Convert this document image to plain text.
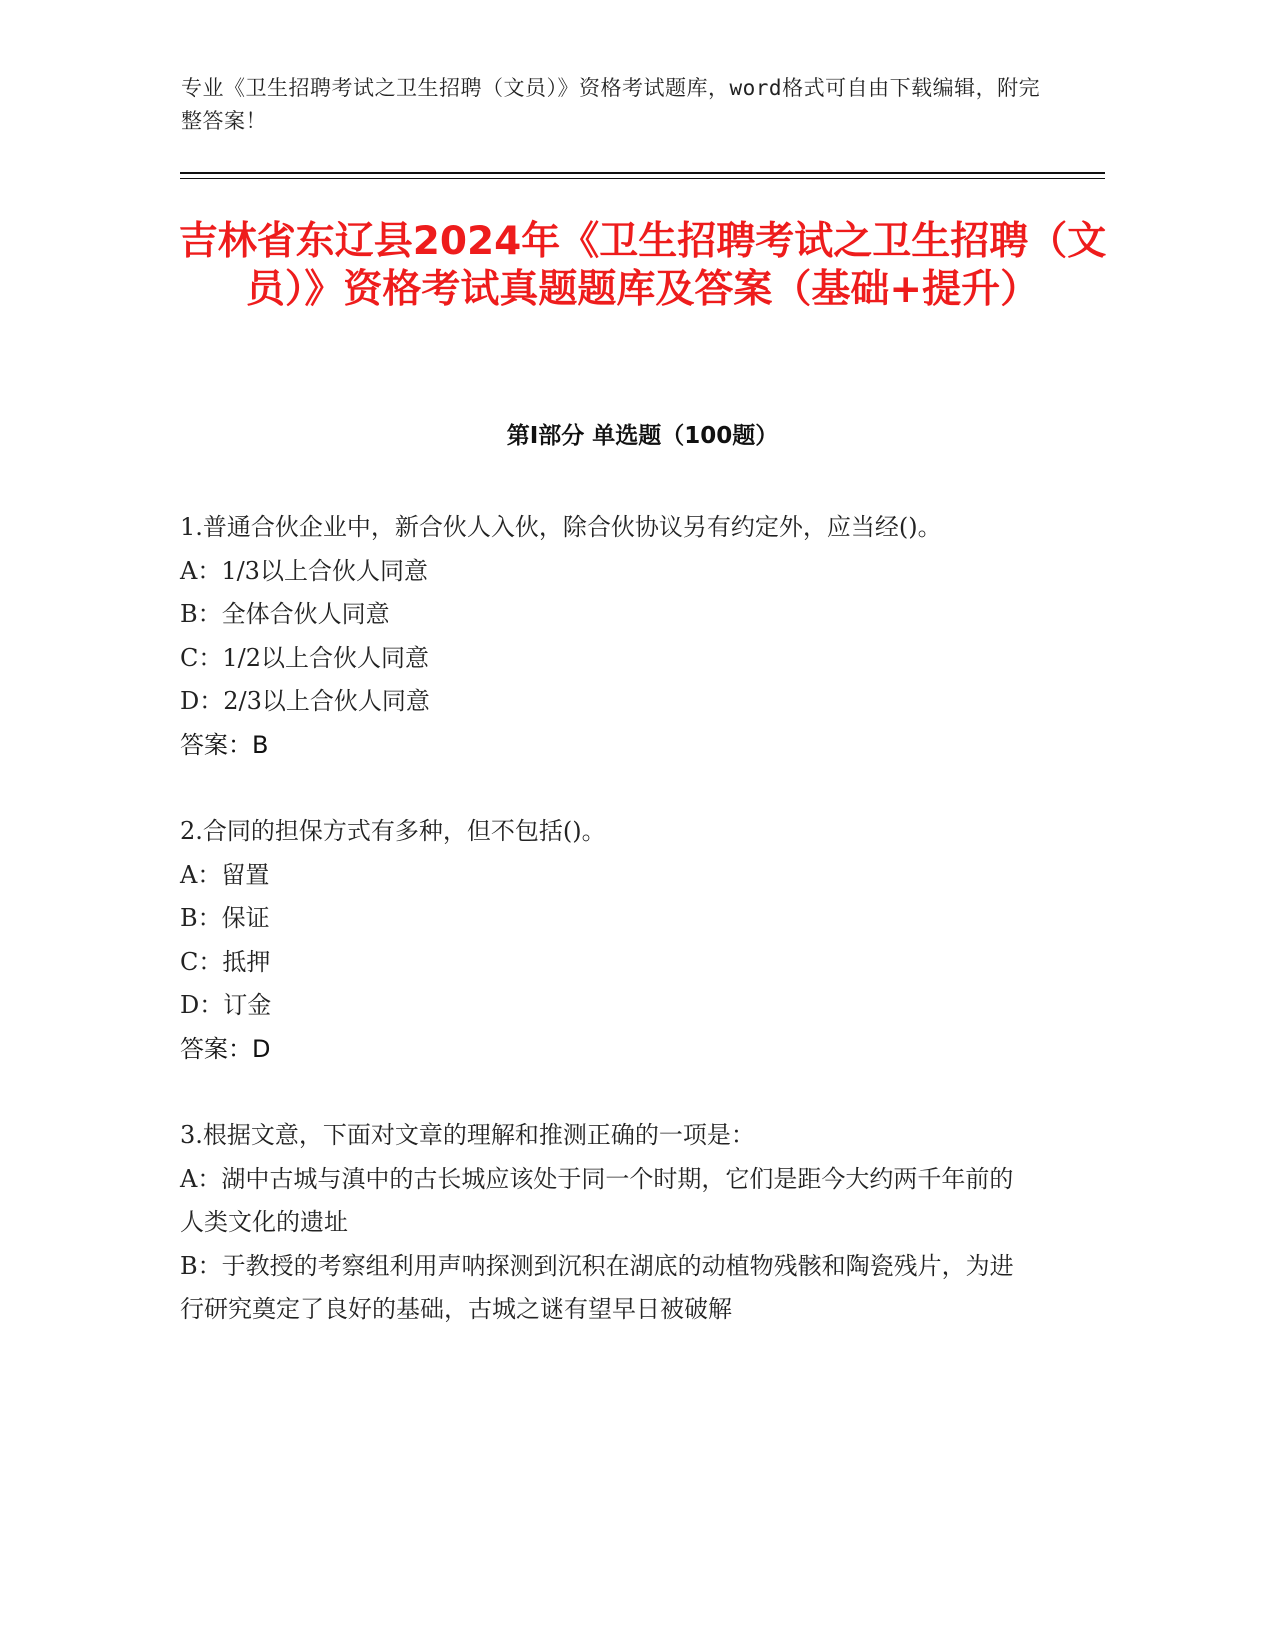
专业《卫生招聘考试之卫生招聘（文员）》资格考试题库，word格式可自由下载编辑，附完整答案！
吉林省东辽县2024年《卫生招聘考试之卫生招聘（文员）》资格考试真题题库及答案（基础+提升）
第Ⅰ部分 单选题（100题）

1.普通合伙企业中，新合伙人入伙，除合伙协议另有约定外，应当经()。

A：1/3以上合伙人同意

B：全体合伙人同意

C：1/2以上合伙人同意

D：2/3以上合伙人同意

答案：B

2.合同的担保方式有多种，但不包括()。

A：留置

B：保证

C：抵押

D：订金

答案：D

3.根据文意，下面对文章的理解和推测正确的一项是：

A：湖中古城与滇中的古长城应该处于同一个时期，它们是距今大约两千年前的人类文化的遗址

B：于教授的考察组利用声呐探测到沉积在湖底的动植物残骸和陶瓷残片，为进行研究奠定了良好的基础，古城之谜有望早日被破解
